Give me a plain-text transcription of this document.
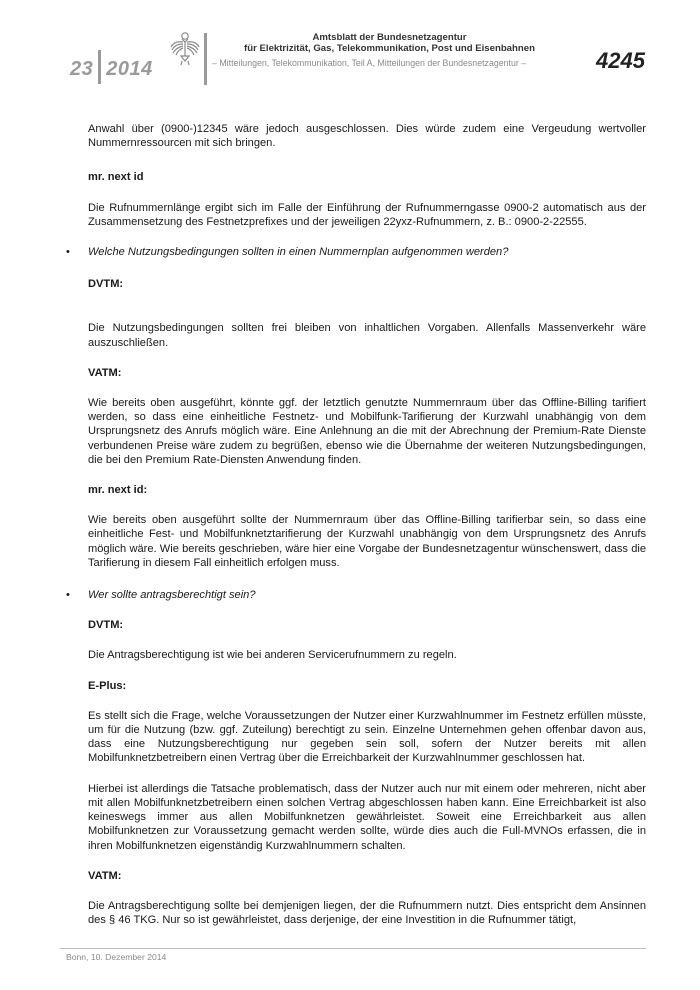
23 2014
Amtsblatt der Bundesnetzagentur
für Elektrizität, Gas, Telekommunikation, Post und Eisenbahnen
– Mitteilungen, Telekommunikation, Teil A, Mitteilungen der Bundesnetzagentur –	4245

Anwahl über (0900-)12345 wäre jedoch ausgeschlossen. Dies würde zudem eine Vergeudung wertvoller Nummernressourcen mit sich bringen.

mr. next id

Die Rufnummernlänge ergibt sich im Falle der Einführung der Rufnummerngasse 0900-2 automatisch aus der Zusammensetzung des Festnetzprefixes und der jeweiligen 22yxz-Rufnummern, z. B.: 0900-2-22555.

• Welche Nutzungsbedingungen sollten in einen Nummernplan aufgenommen werden?

DVTM:

Die Nutzungsbedingungen sollten frei bleiben von inhaltlichen Vorgaben. Allenfalls Massenverkehr wäre auszuschließen.

VATM:

Wie bereits oben ausgeführt, könnte ggf. der letztlich genutzte Nummernraum über das Offline-Billing tarifiert werden, so dass eine einheitliche Festnetz- und Mobilfunk-Tarifierung der Kurzwahl unabhängig von dem Ursprungsnetz des Anrufs möglich wäre. Eine Anlehnung an die mit der Abrechnung der Premium-Rate Dienste verbundenen Preise wäre zudem zu begrüßen, ebenso wie die Übernahme der weiteren Nutzungsbedingungen, die bei den Premium Rate-Diensten Anwendung finden.

mr. next id:

Wie bereits oben ausgeführt sollte der Nummernraum über das Offline-Billing tarifierbar sein, so dass eine einheitliche Fest- und Mobilfunknetztarifierung der Kurzwahl unabhängig von dem Ursprungsnetz des Anrufs möglich wäre. Wie bereits geschrieben, wäre hier eine Vorgabe der Bundesnetzagentur wünschenswert, dass die Tarifierung in diesem Fall einheitlich erfolgen muss.

• Wer sollte antragsberechtigt sein?

DVTM:

Die Antragsberechtigung ist wie bei anderen Servicerufnummern zu regeln.

E-Plus:

Es stellt sich die Frage, welche Voraussetzungen der Nutzer einer Kurzwahlnummer im Festnetz erfüllen müsste, um für die Nutzung (bzw. ggf. Zuteilung) berechtigt zu sein. Einzelne Unternehmen gehen offenbar davon aus, dass eine Nutzungsberechtigung nur gegeben sein soll, sofern der Nutzer bereits mit allen Mobilfunknetzbetreibern einen Vertrag über die Erreichbarkeit der Kurzwahlnummer geschlossen hat.

Hierbei ist allerdings die Tatsache problematisch, dass der Nutzer auch nur mit einem oder mehreren, nicht aber mit allen Mobilfunknetzbetreibern einen solchen Vertrag abgeschlossen haben kann. Eine Erreichbarkeit ist also keineswegs immer aus allen Mobilfunknetzen gewährleistet. Soweit eine Erreichbarkeit aus allen Mobilfunknetzen zur Voraussetzung gemacht werden sollte, würde dies auch die Full-MVNOs erfassen, die in ihren Mobilfunknetzen eigenständig Kurzwahlnummern schalten.

VATM:

Die Antragsberechtigung sollte bei demjenigen liegen, der die Rufnummern nutzt. Dies entspricht dem Ansinnen des § 46 TKG. Nur so ist gewährleistet, dass derjenige, der eine Investition in die Rufnummer tätigt,

Bonn, 10. Dezember 2014
